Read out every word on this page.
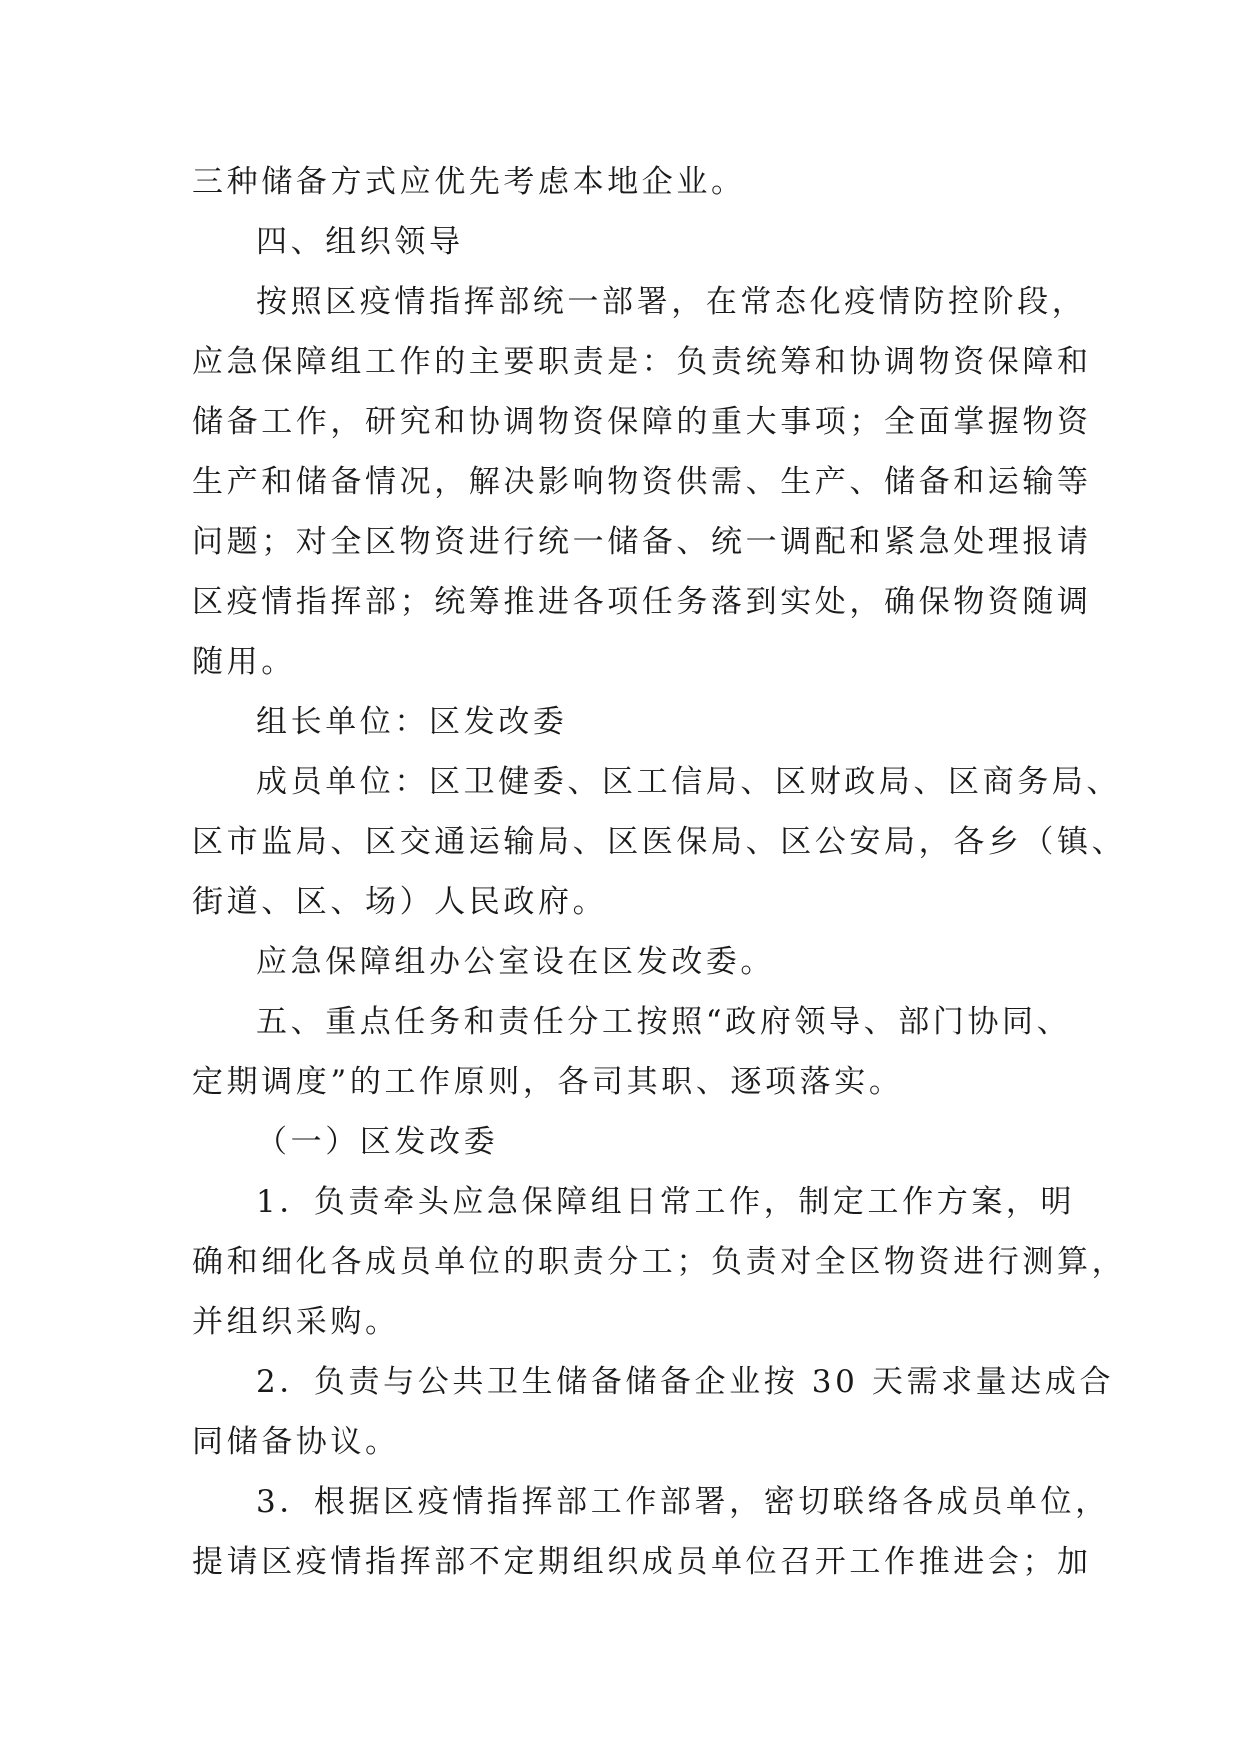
三种储备方式应优先考虑本地企业。
四、组织领导
按照区疫情指挥部统一部署，在常态化疫情防控阶段，
应急保障组工作的主要职责是：负责统筹和协调物资保障和
储备工作，研究和协调物资保障的重大事项；全面掌握物资
生产和储备情况，解决影响物资供需、生产、储备和运输等
问题；对全区物资进行统一储备、统一调配和紧急处理报请
区疫情指挥部；统筹推进各项任务落到实处，确保物资随调
随用。
组长单位：区发改委
成员单位：区卫健委、区工信局、区财政局、区商务局、
区市监局、区交通运输局、区医保局、区公安局，各乡（镇、
街道、区、场）人民政府。
应急保障组办公室设在区发改委。
五、重点任务和责任分工按照“政府领导、部门协同、
定期调度”的工作原则，各司其职、逐项落实。
（一）区发改委
1．负责牵头应急保障组日常工作，制定工作方案，明
确和细化各成员单位的职责分工；负责对全区物资进行测算，
并组织采购。
2．负责与公共卫生储备储备企业按 30 天需求量达成合
同储备协议。
3．根据区疫情指挥部工作部署，密切联络各成员单位，
提请区疫情指挥部不定期组织成员单位召开工作推进会；加
